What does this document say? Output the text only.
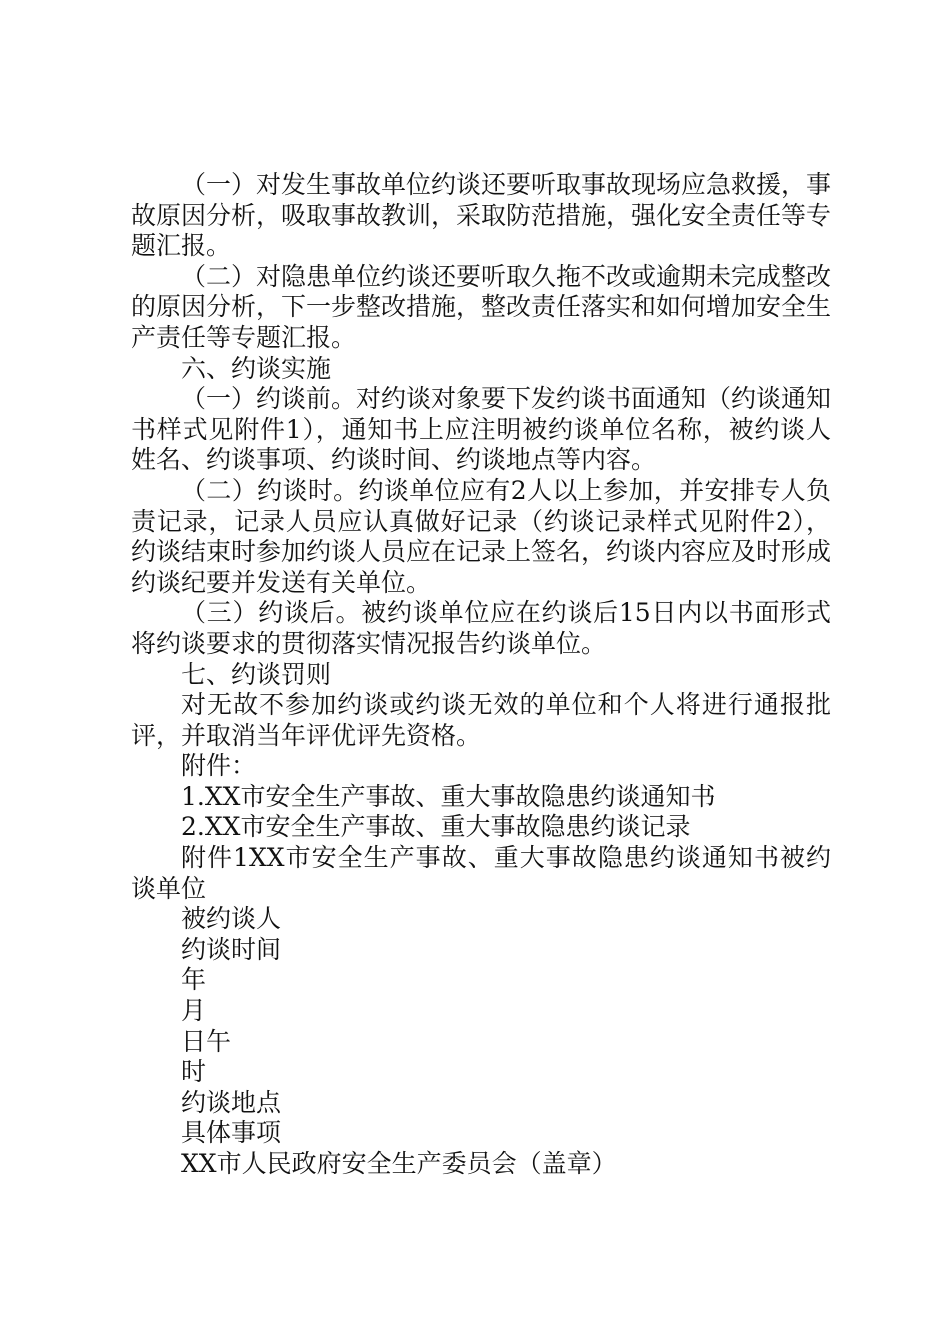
（一）对发生事故单位约谈还要听取事故现场应急救援，事故原因分析，吸取事故教训，采取防范措施，强化安全责任等专题汇报。

（二）对隐患单位约谈还要听取久拖不改或逾期未完成整改的原因分析，下一步整改措施，整改责任落实和如何增加安全生产责任等专题汇报。

六、约谈实施

（一）约谈前。对约谈对象要下发约谈书面通知（约谈通知书样式见附件1），通知书上应注明被约谈单位名称，被约谈人姓名、约谈事项、约谈时间、约谈地点等内容。

（二）约谈时。约谈单位应有2人以上参加，并安排专人负责记录，记录人员应认真做好记录（约谈记录样式见附件2），约谈结束时参加约谈人员应在记录上签名，约谈内容应及时形成约谈纪要并发送有关单位。

（三）约谈后。被约谈单位应在约谈后15日内以书面形式将约谈要求的贯彻落实情况报告约谈单位。

七、约谈罚则

对无故不参加约谈或约谈无效的单位和个人将进行通报批评，并取消当年评优评先资格。

附件：

1.XX市安全生产事故、重大事故隐患约谈通知书

2.XX市安全生产事故、重大事故隐患约谈记录

附件1XX市安全生产事故、重大事故隐患约谈通知书被约谈单位

被约谈人

约谈时间

年

月

日午

时

约谈地点

具体事项

XX市人民政府安全生产委员会（盖章）
